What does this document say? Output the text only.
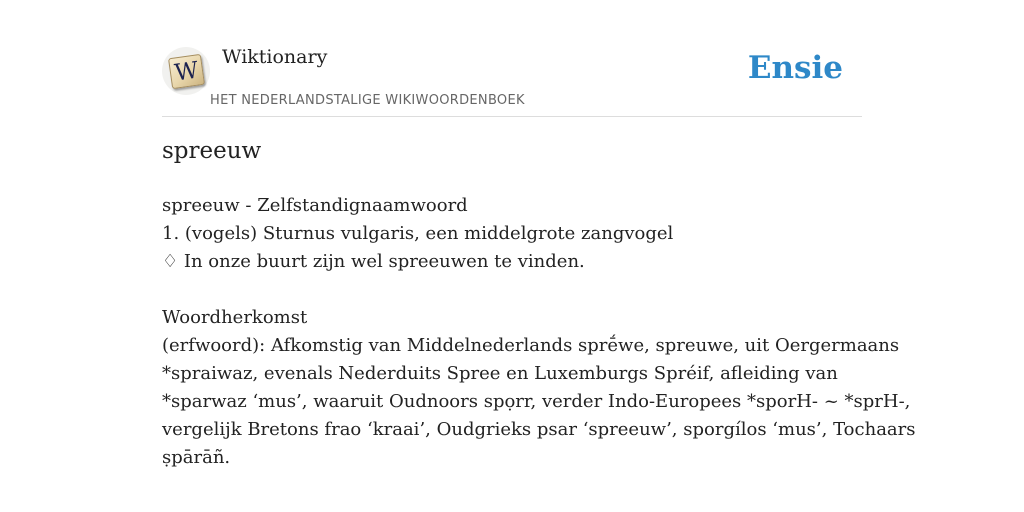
W
Wiktionary
HET NEDERLANDSTALIGE WIKIWOORDENBOEK
Ensie
spreeuw
spreeuw - Zelfstandignaamwoord
1. (vogels) Sturnus vulgaris, een middelgrote zangvogel
♢ In onze buurt zijn wel spreeuwen te vinden.
Woordherkomst
(erfwoord): Afkomstig van Middelnederlands sprḗwe, spreuwe, uit Oergermaans
*spraiwaz, evenals Nederduits Spree en Luxemburgs Spréif, afleiding van
*sparwaz ‘mus’, waaruit Oudnoors spọrr, verder Indo-Europees *sporH- ~ *sprH-,
vergelijk Bretons frao ‘kraai’, Oudgrieks psar ‘spreeuw’, sporgílos ‘mus’, Tochaars
ṣpārāñ.
